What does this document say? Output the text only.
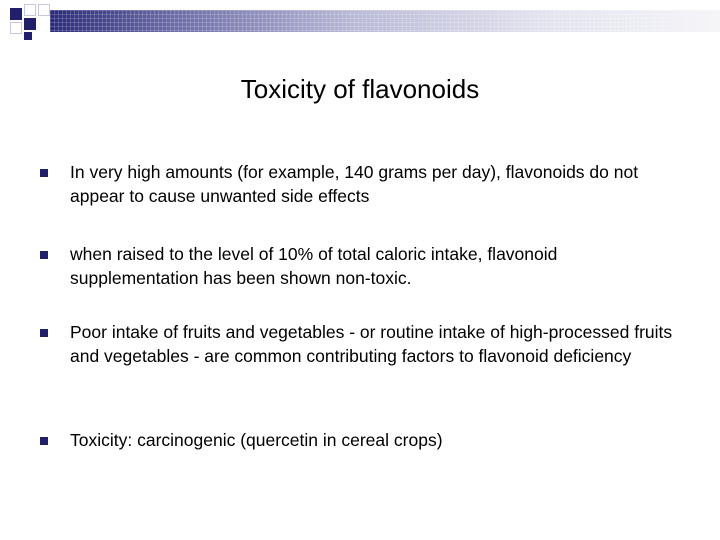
Toxicity of flavonoids
In very high amounts (for example, 140 grams per day), flavonoids do not appear to cause unwanted side effects
when raised to the level of 10% of total caloric intake, flavonoid supplementation has been shown non-toxic.
Poor intake of fruits and vegetables - or routine intake of high-processed fruits and vegetables - are common contributing factors to flavonoid deficiency
Toxicity: carcinogenic (quercetin in cereal crops)
